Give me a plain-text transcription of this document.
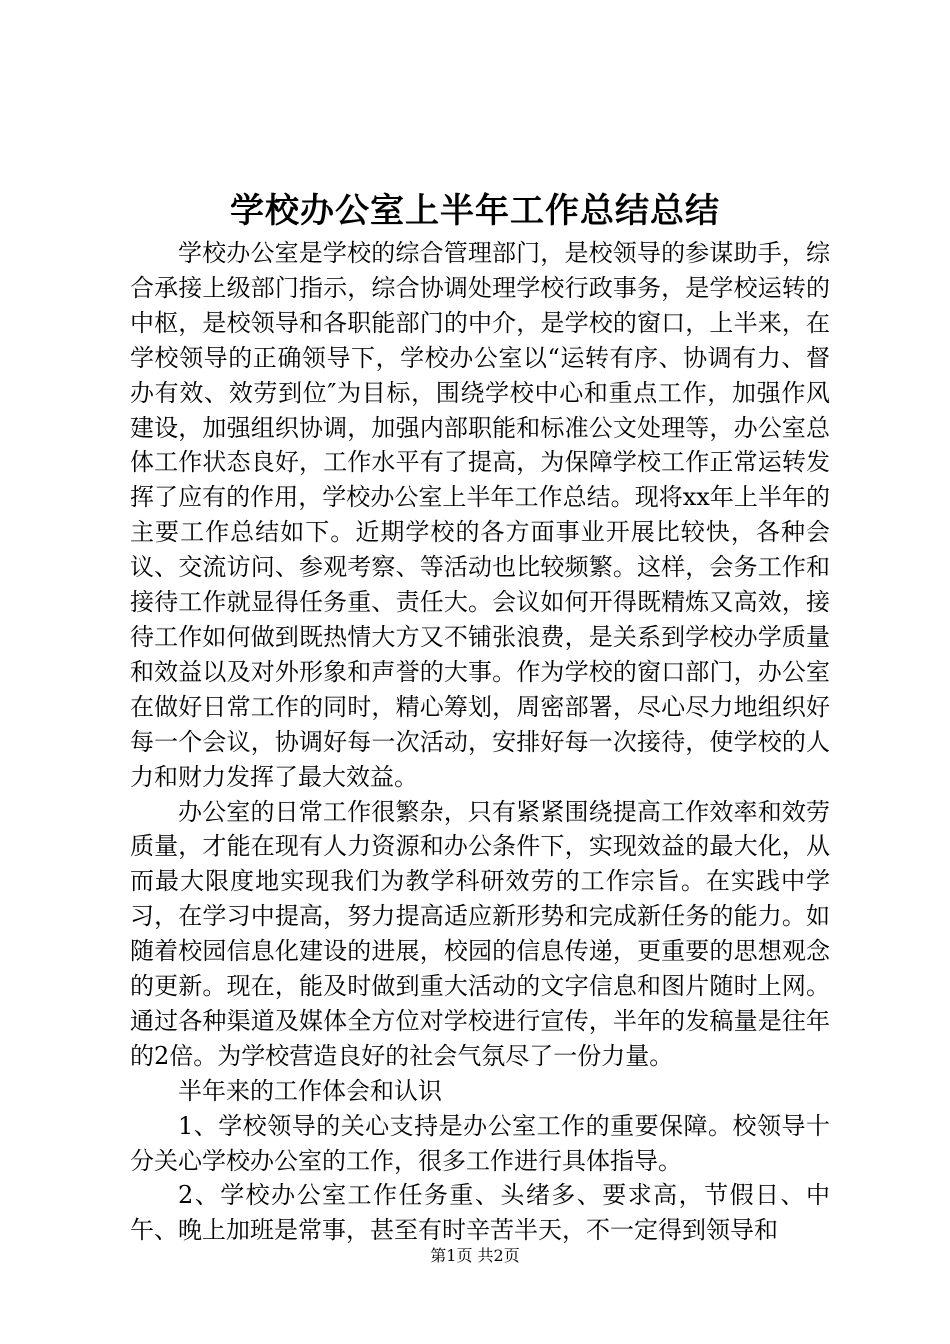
学校办公室上半年工作总结总结

学校办公室是学校的综合管理部门，是校领导的参谋助手，综合承接上级部门指示，综合协调处理学校行政事务，是学校运转的中枢，是校领导和各职能部门的中介，是学校的窗口，上半来，在学校领导的正确领导下，学校办公室以“运转有序、协调有力、督办有效、效劳到位″为目标，围绕学校中心和重点工作，加强作风建设，加强组织协调，加强内部职能和标准公文处理等，办公室总体工作状态良好，工作水平有了提高，为保障学校工作正常运转发挥了应有的作用，学校办公室上半年工作总结。现将xx年上半年的主要工作总结如下。近期学校的各方面事业开展比较快，各种会议、交流访问、参观考察、等活动也比较频繁。这样，会务工作和接待工作就显得任务重、责任大。会议如何开得既精炼又高效，接待工作如何做到既热情大方又不铺张浪费，是关系到学校办学质量和效益以及对外形象和声誉的大事。作为学校的窗口部门，办公室在做好日常工作的同时，精心筹划，周密部署，尽心尽力地组织好每一个会议，协调好每一次活动，安排好每一次接待，使学校的人力和财力发挥了最大效益。

办公室的日常工作很繁杂，只有紧紧围绕提高工作效率和效劳质量，才能在现有人力资源和办公条件下，实现效益的最大化，从而最大限度地实现我们为教学科研效劳的工作宗旨。在实践中学习，在学习中提高，努力提高适应新形势和完成新任务的能力。如随着校园信息化建设的进展，校园的信息传递，更重要的思想观念的更新。现在，能及时做到重大活动的文字信息和图片随时上网。通过各种渠道及媒体全方位对学校进行宣传，半年的发稿量是往年的2倍。为学校营造良好的社会气氛尽了一份力量。

半年来的工作体会和认识

1、学校领导的关心支持是办公室工作的重要保障。校领导十分关心学校办公室的工作，很多工作进行具体指导。

2、学校办公室工作任务重、头绪多、要求高，节假日、中午、晚上加班是常事，甚至有时辛苦半天，不一定得到领导和

第1页 共2页
